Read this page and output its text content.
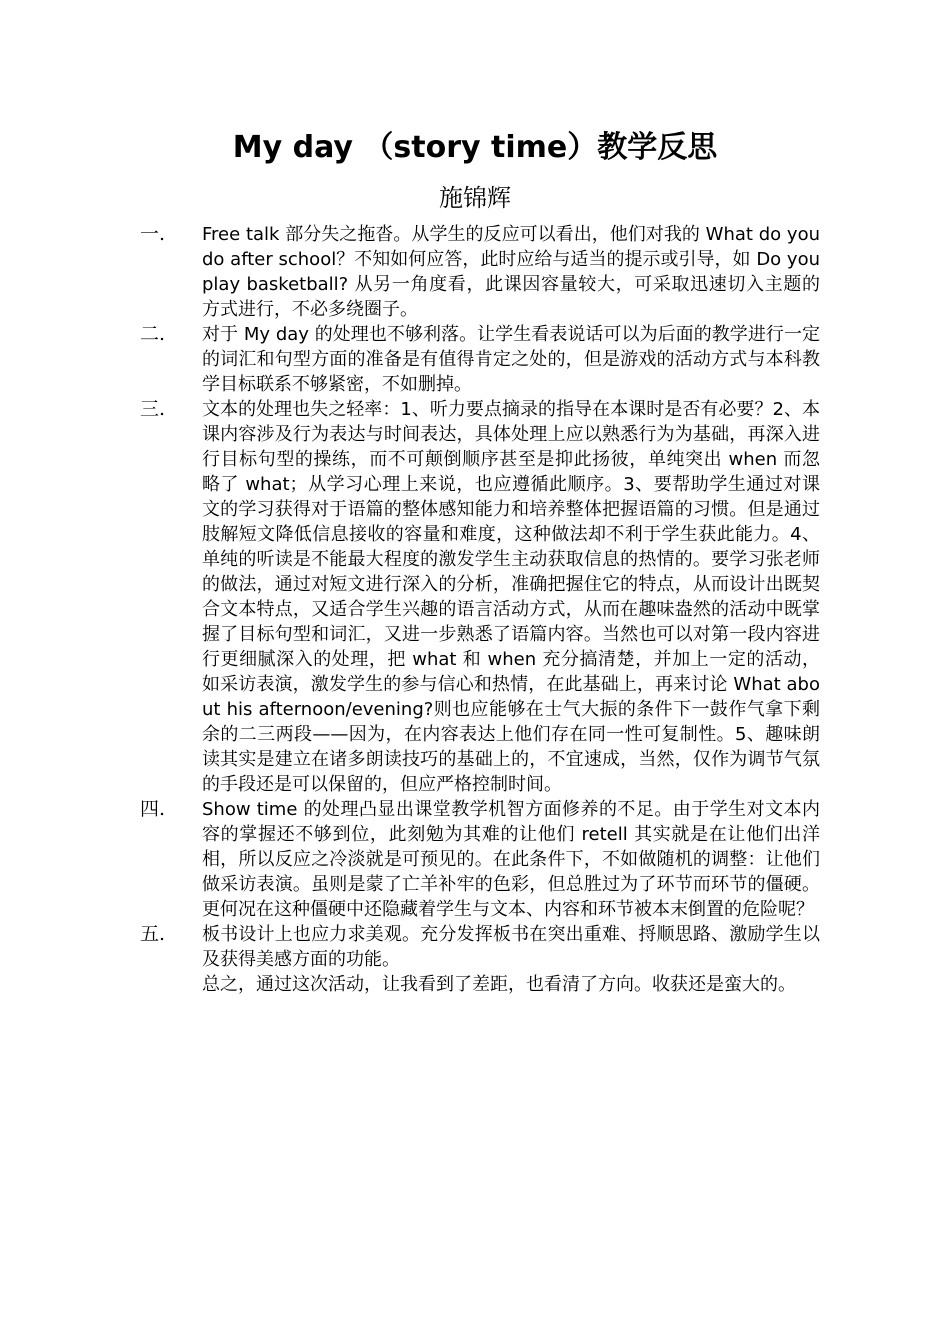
My day （story time）教学反思
施锦辉
一.	Free talk 部分失之拖沓。从学生的反应可以看出，他们对我的 What do you do after school？不知如何应答，此时应给与适当的提示或引导，如 Do you play basketball? 从另一角度看，此课因容量较大，可采取迅速切入主题的方式进行，不必多绕圈子。

二.	对于 My day 的处理也不够利落。让学生看表说话可以为后面的教学进行一定的词汇和句型方面的准备是有值得肯定之处的，但是游戏的活动方式与本科教学目标联系不够紧密，不如删掉。

三.	文本的处理也失之轻率：1、听力要点摘录的指导在本课时是否有必要？2、本课内容涉及行为表达与时间表达，具体处理上应以熟悉行为为基础，再深入进行目标句型的操练，而不可颠倒顺序甚至是抑此扬彼，单纯突出 when 而忽略了 what；从学习心理上来说，也应遵循此顺序。3、要帮助学生通过对课文的学习获得对于语篇的整体感知能力和培养整体把握语篇的习惯。但是通过肢解短文降低信息接收的容量和难度，这种做法却不利于学生获此能力。4、单纯的听读是不能最大程度的激发学生主动获取信息的热情的。要学习张老师的做法，通过对短文进行深入的分析，准确把握住它的特点，从而设计出既契合文本特点，又适合学生兴趣的语言活动方式，从而在趣味盎然的活动中既掌握了目标句型和词汇，又进一步熟悉了语篇内容。当然也可以对第一段内容进行更细腻深入的处理，把 what 和 when 充分搞清楚，并加上一定的活动，如采访表演，激发学生的参与信心和热情，在此基础上，再来讨论 What about his afternoon/evening?则也应能够在士气大振的条件下一鼓作气拿下剩余的二三两段——因为，在内容表达上他们存在同一性可复制性。5、趣味朗读其实是建立在诸多朗读技巧的基础上的，不宜速成，当然，仅作为调节气氛的手段还是可以保留的，但应严格控制时间。

四.	Show time 的处理凸显出课堂教学机智方面修养的不足。由于学生对文本内容的掌握还不够到位，此刻勉为其难的让他们 retell 其实就是在让他们出洋相，所以反应之冷淡就是可预见的。在此条件下，不如做随机的调整：让他们做采访表演。虽则是蒙了亡羊补牢的色彩，但总胜过为了环节而环节的僵硬。更何况在这种僵硬中还隐藏着学生与文本、内容和环节被本末倒置的危险呢？

五.	板书设计上也应力求美观。充分发挥板书在突出重难、捋顺思路、激励学生以及获得美感方面的功能。

总之，通过这次活动，让我看到了差距，也看清了方向。收获还是蛮大的。
